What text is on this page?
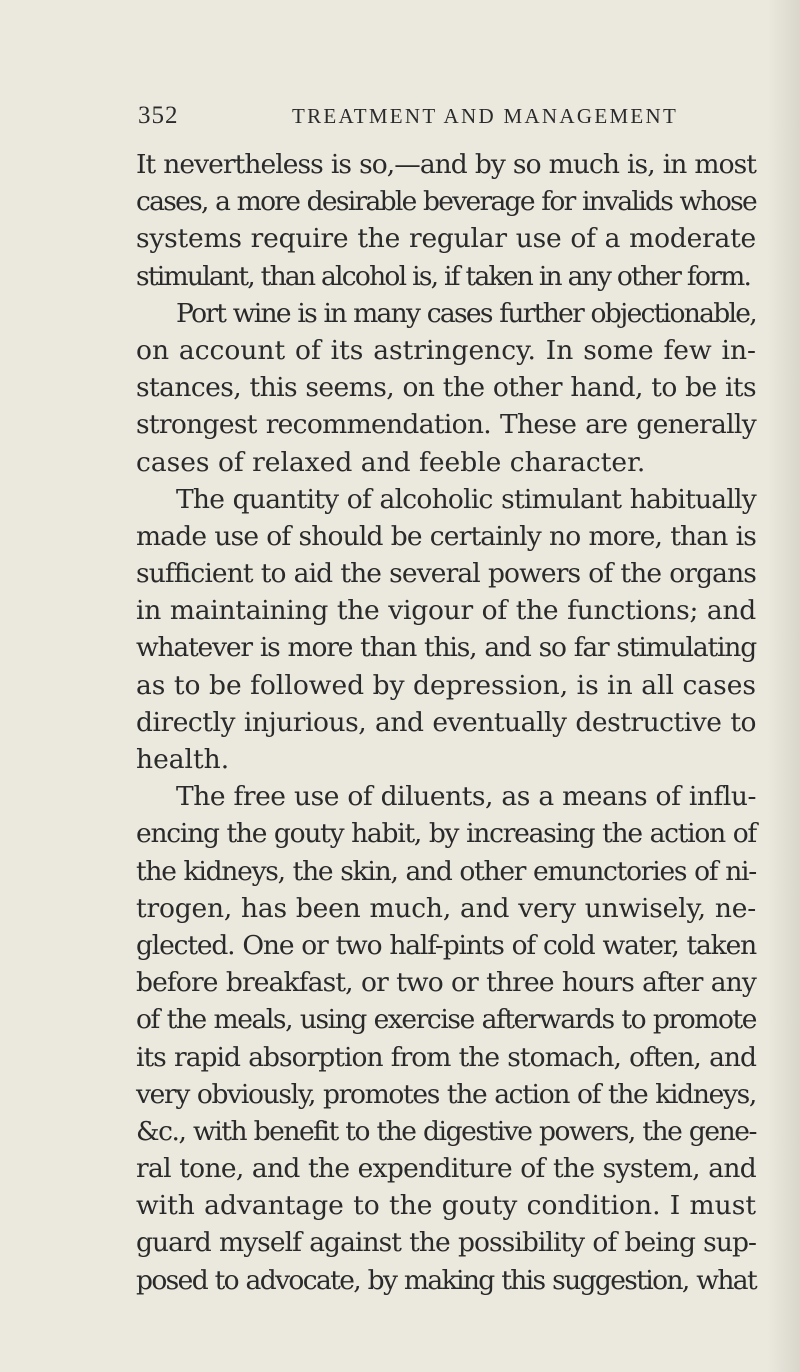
352	TREATMENT AND MANAGEMENT
It nevertheless is so,—and by so much is, in most
cases, a more desirable beverage for invalids whose
systems require the regular use of a moderate
stimulant, than alcohol is, if taken in any other form.
Port wine is in many cases further objectionable,
on account of its astringency. In some few in-
stances, this seems, on the other hand, to be its
strongest recommendation. These are generally
cases of relaxed and feeble character.
The quantity of alcoholic stimulant habitually
made use of should be certainly no more, than is
sufficient to aid the several powers of the organs
in maintaining the vigour of the functions; and
whatever is more than this, and so far stimulating
as to be followed by depression, is in all cases
directly injurious, and eventually destructive to
health.
The free use of diluents, as a means of influ-
encing the gouty habit, by increasing the action of
the kidneys, the skin, and other emunctories of ni-
trogen, has been much, and very unwisely, ne-
glected. One or two half-pints of cold water, taken
before breakfast, or two or three hours after any
of the meals, using exercise afterwards to promote
its rapid absorption from the stomach, often, and
very obviously, promotes the action of the kidneys,
&c., with benefit to the digestive powers, the gene-
ral tone, and the expenditure of the system, and
with advantage to the gouty condition. I must
guard myself against the possibility of being sup-
posed to advocate, by making this suggestion, what
